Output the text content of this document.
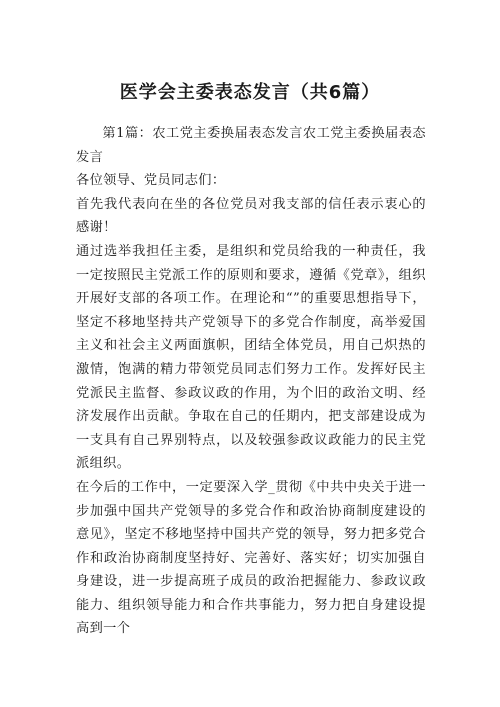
医学会主委表态发言（共6篇）

第1篇：农工党主委换届表态发言农工党主委换届表态发言

各位领导、党员同志们：

首先我代表向在坐的各位党员对我支部的信任表示衷心的感谢！

通过选举我担任主委，是组织和党员给我的一种责任，我一定按照民主党派工作的原则和要求，遵循《党章》，组织开展好支部的各项工作。在理论和“”的重要思想指导下，坚定不移地坚持共产党领导下的多党合作制度，高举爱国主义和社会主义两面旗帜，团结全体党员，用自己炽热的激情，饱满的精力带领党员同志们努力工作。发挥好民主党派民主监督、参政议政的作用，为个旧的政治文明、经济发展作出贡献。争取在自己的任期内，把支部建设成为一支具有自己界别特点，以及较强参政议政能力的民主党派组织。

在今后的工作中，一定要深入学_贯彻《中共中央关于进一步加强中国共产党领导的多党合作和政治协商制度建设的意见》，坚定不移地坚持中国共产党的领导，努力把多党合作和政治协商制度坚持好、完善好、落实好；切实加强自身建设，进一步提高班子成员的政治把握能力、参政议政能力、组织领导能力和合作共事能力，努力把自身建设提高到一个
